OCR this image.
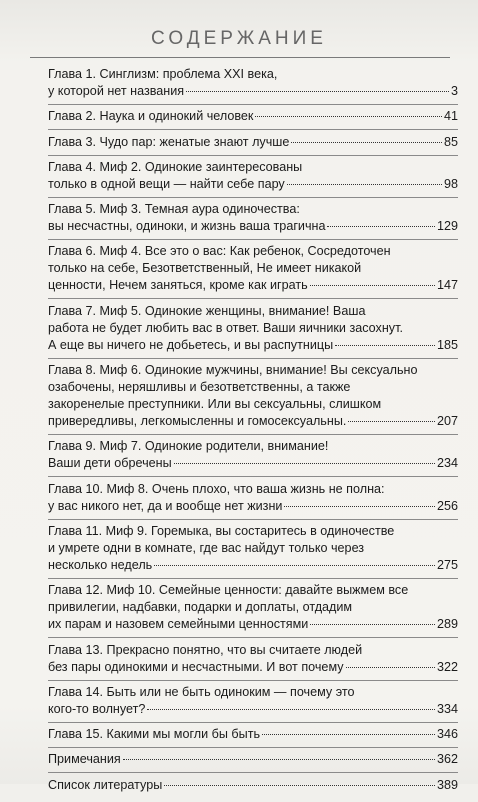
СОДЕРЖАНИЕ
Глава 1. Синглизм: проблема XXI века,
у которой нет названия	3
Глава 2. Наука и одинокий человек	41
Глава 3. Чудо пар: женатые знают лучше	85
Глава 4. Миф 2. Одинокие заинтересованы
только в одной вещи — найти себе пару	98
Глава 5. Миф 3. Темная аура одиночества:
вы несчастны, одиноки, и жизнь ваша трагична	129
Глава 6. Миф 4. Все это о вас: Как ребенок, Сосредоточен
только на себе, Безответственный, Не имеет никакой
ценности, Нечем заняться, кроме как играть	147
Глава 7. Миф 5. Одинокие женщины, внимание! Ваша
работа не будет любить вас в ответ. Ваши яичники засохнут.
А еще вы ничего не добьетесь, и вы распутницы	185
Глава 8. Миф 6. Одинокие мужчины, внимание! Вы сексуально
озабочены, неряшливы и безответственны, а также
закоренелые преступники. Или вы сексуальны, слишком
привередливы, легкомысленны и гомосексуальны.	207
Глава 9. Миф 7. Одинокие родители, внимание!
Ваши дети обречены	234
Глава 10. Миф 8. Очень плохо, что ваша жизнь не полна:
у вас никого нет, да и вообще нет жизни	256
Глава 11. Миф 9. Горемыка, вы состаритесь в одиночестве
и умрете одни в комнате, где вас найдут только через
несколько недель	275
Глава 12. Миф 10. Семейные ценности: давайте выжмем все
привилегии, надбавки, подарки и доплаты, отдадим
их парам и назовем семейными ценностями	289
Глава 13. Прекрасно понятно, что вы считаете людей
без пары одинокими и несчастными. И вот почему	322
Глава 14. Быть или не быть одиноким — почему это
кого-то волнует?	334
Глава 15. Какими мы могли бы быть	346
Примечания	362
Список литературы	389
